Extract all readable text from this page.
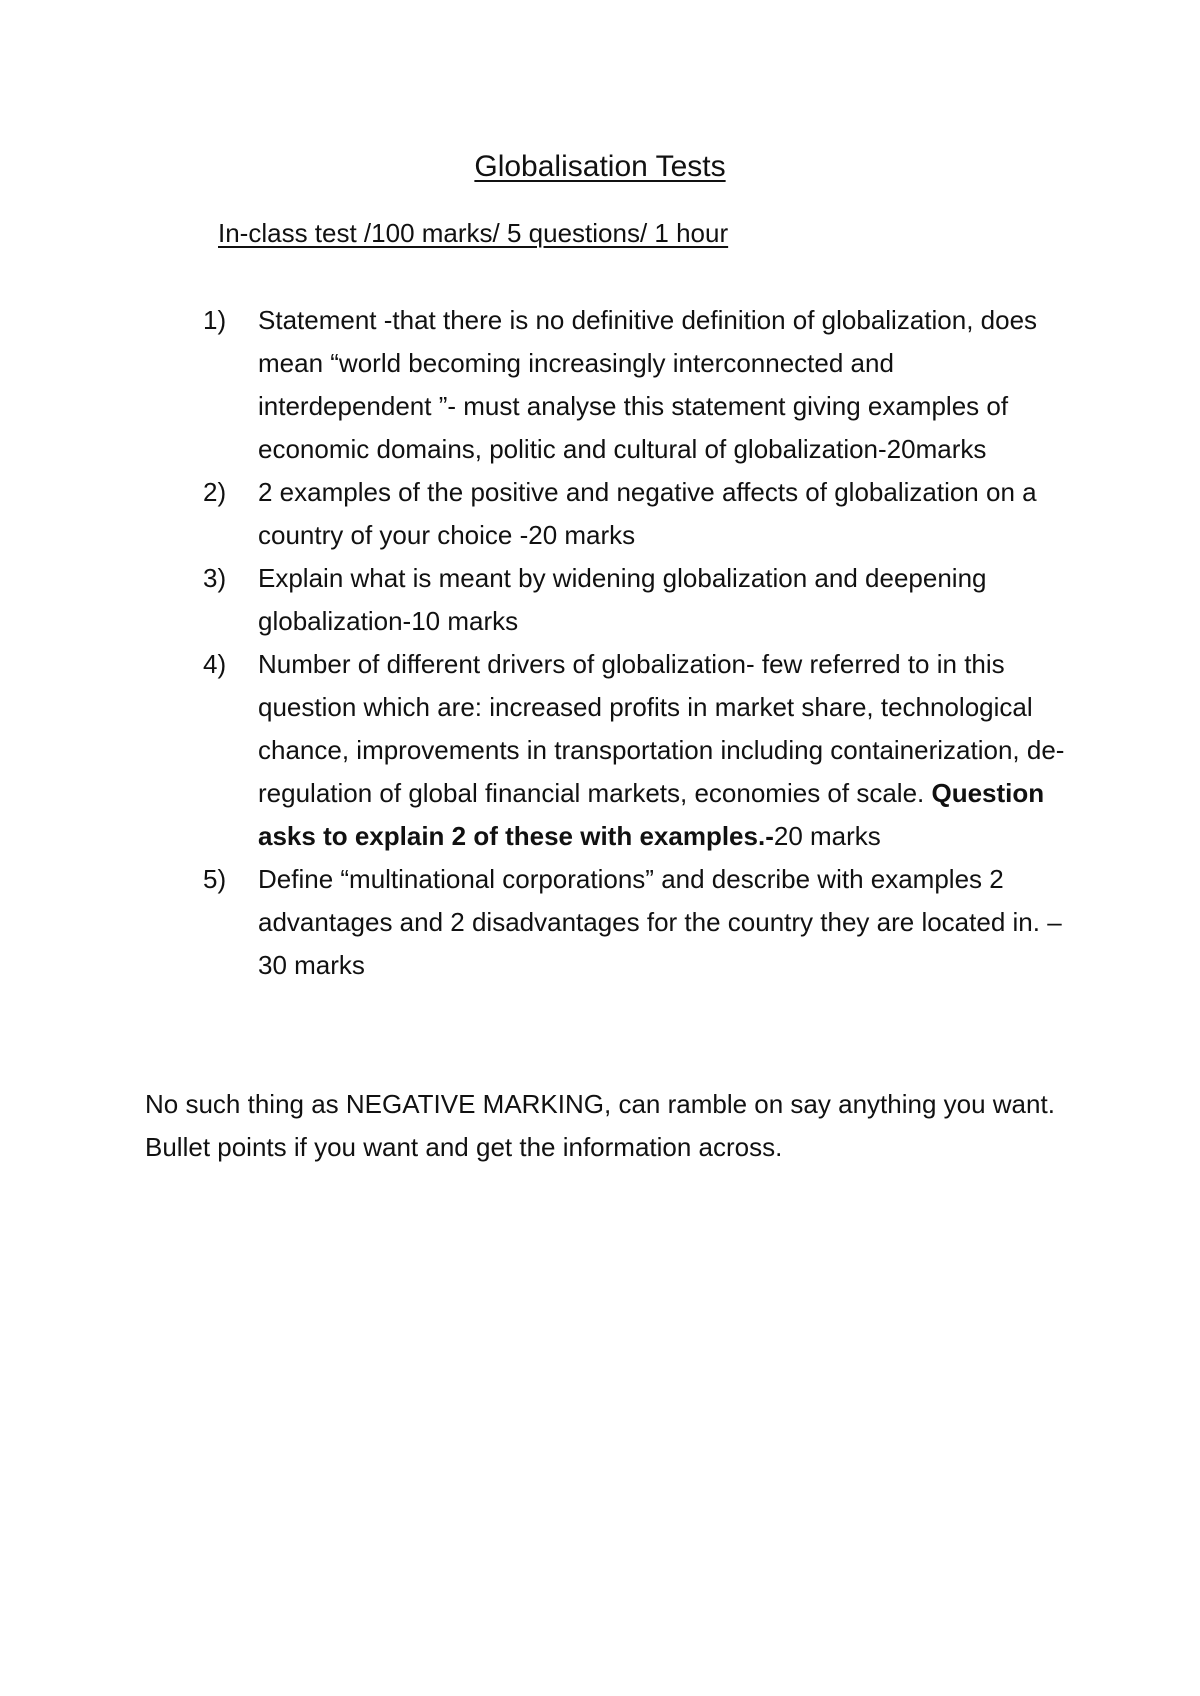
Globalisation Tests
In-class test /100 marks/ 5 questions/ 1 hour
1) Statement -that there is no definitive definition of globalization, does mean “world becoming increasingly interconnected and interdependent ”- must analyse this statement giving examples of economic domains, politic and cultural of globalization-20marks
2) 2 examples of the positive and negative affects of globalization on a country of your choice -20 marks
3) Explain what is meant by widening globalization and deepening globalization-10 marks
4) Number of different drivers of globalization- few referred to in this question which are: increased profits in market share, technological chance, improvements in transportation including containerization, de-regulation of global financial markets, economies of scale. Question asks to explain 2 of these with examples.-20 marks
5) Define “multinational corporations” and describe with examples 2 advantages and 2 disadvantages for the country they are located in. – 30 marks

No such thing as NEGATIVE MARKING, can ramble on say anything you want. Bullet points if you want and get the information across.
